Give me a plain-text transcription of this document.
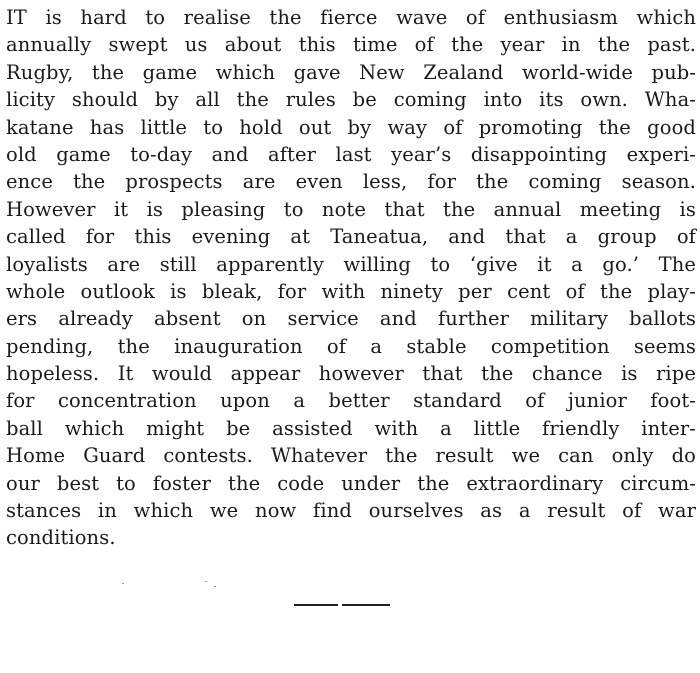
IT is hard to realise the fierce wave of enthusiasm which
annually swept us about this time of the year in the past.
Rugby, the game which gave New Zealand world-wide pub-
licity should by all the rules be coming into its own. Wha-
katane has little to hold out by way of promoting the good
old game to-day and after last year’s disappointing experi-
ence the prospects are even less, for the coming season.
However it is pleasing to note that the annual meeting is
called for this evening at Taneatua, and that a group of
loyalists are still apparently willing to ‘give it a go.’ The
whole outlook is bleak, for with ninety per cent of the play-
ers already absent on service and further military ballots
pending, the inauguration of a stable competition seems
hopeless. It would appear however that the chance is ripe
for concentration upon a better standard of junior foot-
ball which might be assisted with a little friendly inter-
Home Guard contests. Whatever the result we can only do
our best to foster the code under the extraordinary circum-
stances in which we now find ourselves as a result of war
conditions.
